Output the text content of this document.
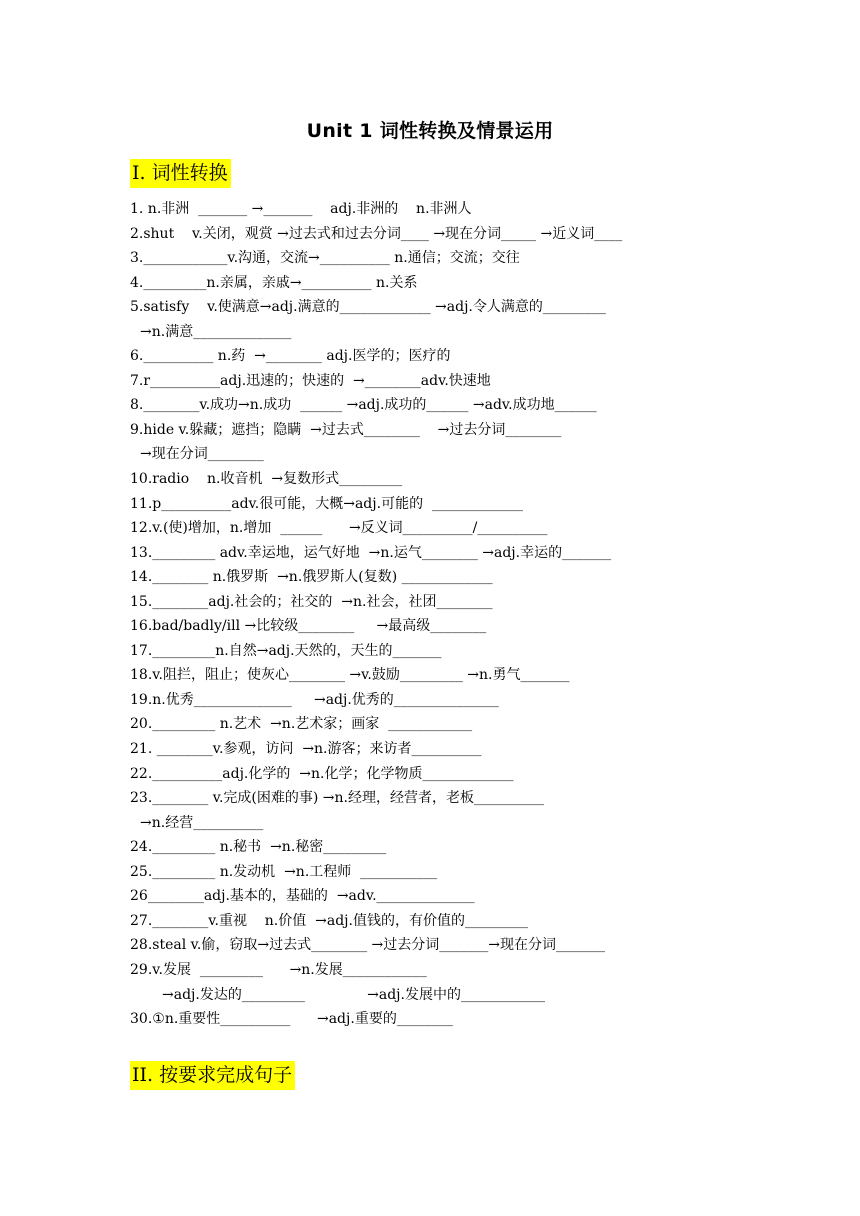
Unit 1 词性转换及情景运用
I. 词性转换
1. n.非洲  _______ →_______    adj.非洲的    n.非洲人
2.shut    v.关闭，观赏 →过去式和过去分词____ →现在分词_____ →近义词____
3.____________v.沟通，交流→__________ n.通信；交流；交往
4._________n.亲属，亲戚→__________ n.关系
5.satisfy    v.使满意→adj.满意的_____________ →adj.令人满意的_________
→n.满意______________
6.__________ n.药  →________ adj.医学的；医疗的
7.r__________adj.迅速的；快速的  →________adv.快速地
8.________v.成功→n.成功  ______ →adj.成功的______ →adv.成功地______
9.hide v.躲藏；遮挡；隐瞒  →过去式________    →过去分词________
→现在分词________
10.radio    n.收音机  →复数形式_________
11.p__________adv.很可能，大概→adj.可能的  _____________
12.v.(使)增加，n.增加  ______      →反义词__________/__________
13._________ adv.幸运地，运气好地  →n.运气________ →adj.幸运的_______
14.________ n.俄罗斯  →n.俄罗斯人(复数) _____________
15.________adj.社会的；社交的  →n.社会，社团________
16.bad/badly/ill →比较级________     →最高级________
17._________n.自然→adj.天然的，天生的_______
18.v.阻拦，阻止；使灰心________ →v.鼓励_________ →n.勇气_______
19.n.优秀______________     →adj.优秀的_______________
20._________ n.艺术  →n.艺术家；画家  ____________
21. ________v.参观，访问  →n.游客；来访者__________
22.__________adj.化学的  →n.化学；化学物质_____________
23.________ v.完成(困难的事) →n.经理，经营者，老板__________
→n.经营__________
24._________ n.秘书  →n.秘密_________
25._________ n.发动机  →n.工程师  ___________
26________adj.基本的，基础的  →adv.______________
27.________v.重视    n.价值  →adj.值钱的，有价值的_________
28.steal v.偷，窃取→过去式________ →过去分词_______→现在分词_______
29.v.发展  _________      →n.发展____________
→adj.发达的_________              →adj.发展中的____________
30.①n.重要性__________      →adj.重要的________
II. 按要求完成句子
